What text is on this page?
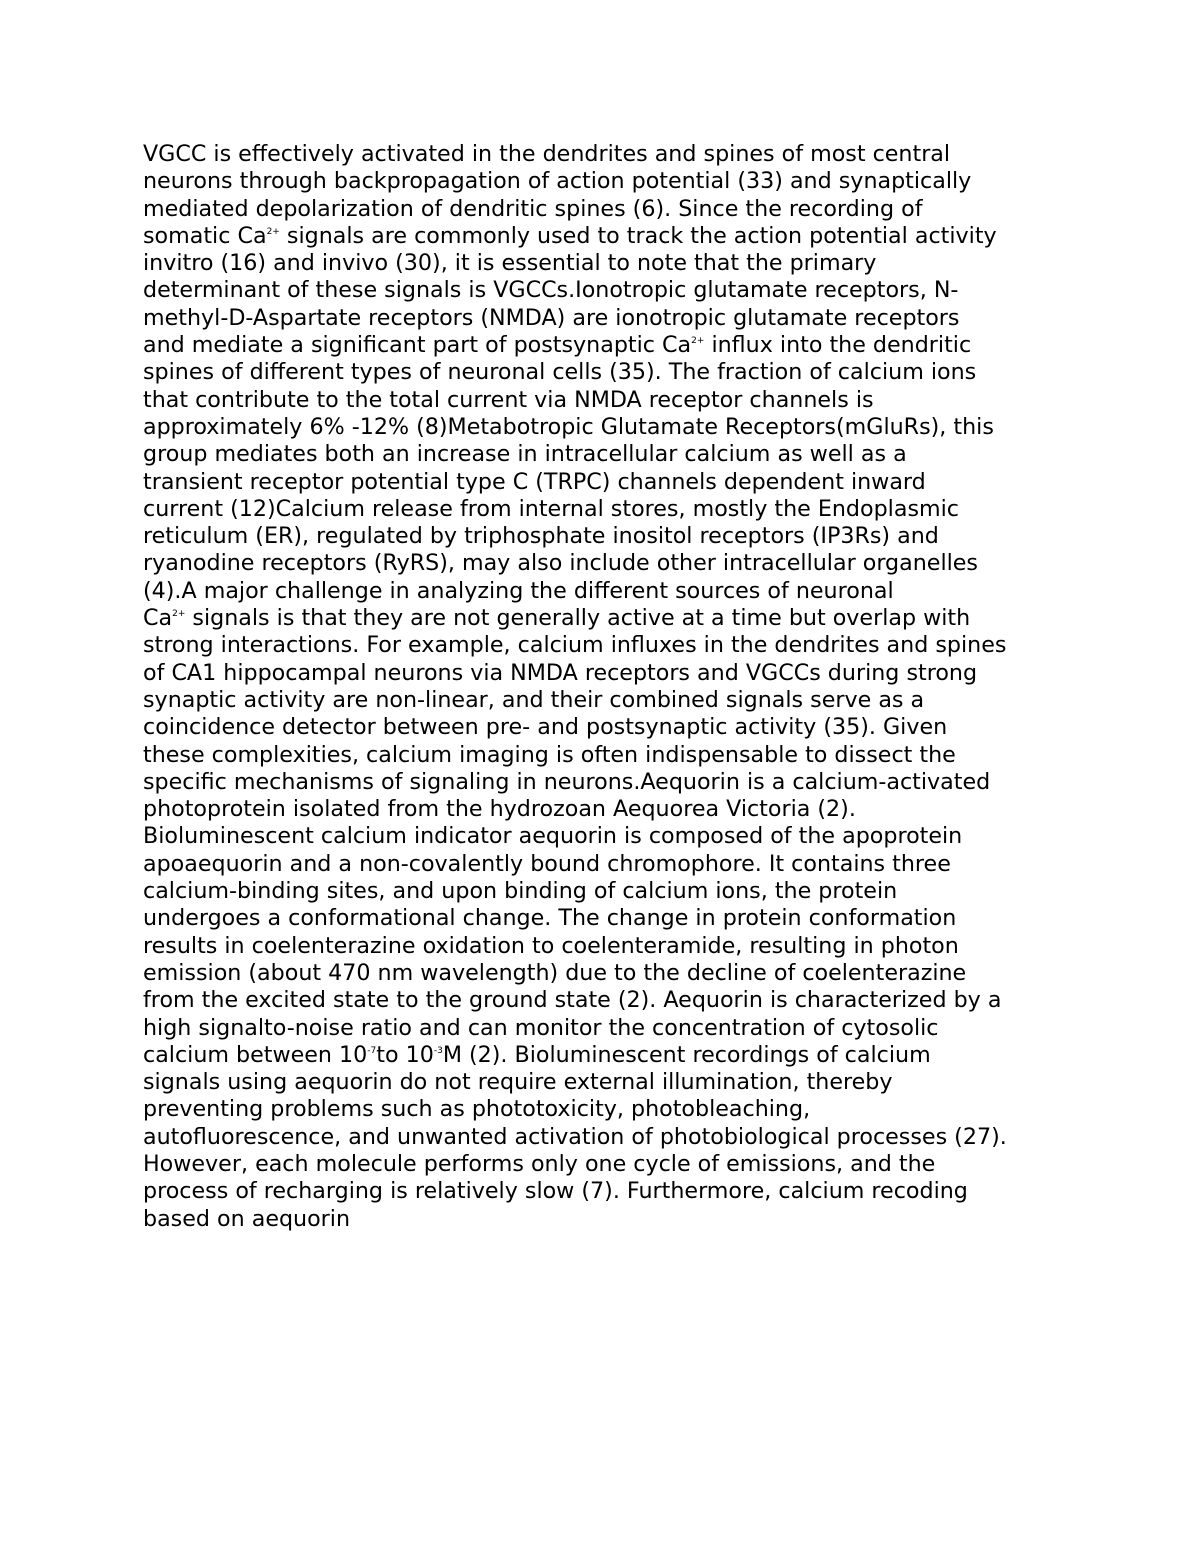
VGCC is effectively activated in the dendrites and spines of most central
neurons through backpropagation of action potential (33) and synaptically
mediated depolarization of dendritic spines (6). Since the recording of
somatic $Ca^{2+}$ signals are commonly used to track the action potential activity
invitro (16) and invivo (30), it is essential to note that the primary
determinant of these signals is VGCCs.Ionotropic glutamate receptors, N-
methyl-D-Aspartate receptors (NMDA) are ionotropic glutamate receptors
and mediate a significant part of postsynaptic $Ca^{2+}$ influx into the dendritic
spines of different types of neuronal cells (35). The fraction of calcium ions
that contribute to the total current via NMDA receptor channels is
approximately 6% -12% (8)Metabotropic Glutamate Receptors(mGluRs), this
group mediates both an increase in intracellular calcium as well as a
transient receptor potential type C (TRPC) channels dependent inward
current (12)Calcium release from internal stores, mostly the Endoplasmic
reticulum (ER), regulated by triphosphate inositol receptors (IP3Rs) and
ryanodine receptors (RyRS), may also include other intracellular organelles
(4).A major challenge in analyzing the different sources of neuronal
$Ca^{2+}$ signals is that they are not generally active at a time but overlap with
strong interactions. For example, calcium influxes in the dendrites and spines
of CA1 hippocampal neurons via NMDA receptors and VGCCs during strong
synaptic activity are non-linear, and their combined signals serve as a
coincidence detector between pre- and postsynaptic activity (35). Given
these complexities, calcium imaging is often indispensable to dissect the
specific mechanisms of signaling in neurons.Aequorin is a calcium-activated
photoprotein isolated from the hydrozoan Aequorea Victoria (2).
Bioluminescent calcium indicator aequorin is composed of the apoprotein
apoaequorin and a non-covalently bound chromophore. It contains three
calcium-binding sites, and upon binding of calcium ions, the protein
undergoes a conformational change. The change in protein conformation
results in coelenterazine oxidation to coelenteramide, resulting in photon
emission (about 470 nm wavelength) due to the decline of coelenterazine
from the excited state to the ground state (2). Aequorin is characterized by a
high signalto-noise ratio and can monitor the concentration of cytosolic
calcium between $10^{-7}to$ $10^{-3}M$ (2). Bioluminescent recordings of calcium
signals using aequorin do not require external illumination, thereby
preventing problems such as phototoxicity, photobleaching,
autofluorescence, and unwanted activation of photobiological processes (27).
However, each molecule performs only one cycle of emissions, and the
process of recharging is relatively slow (7). Furthermore, calcium recoding
based on aequorin
